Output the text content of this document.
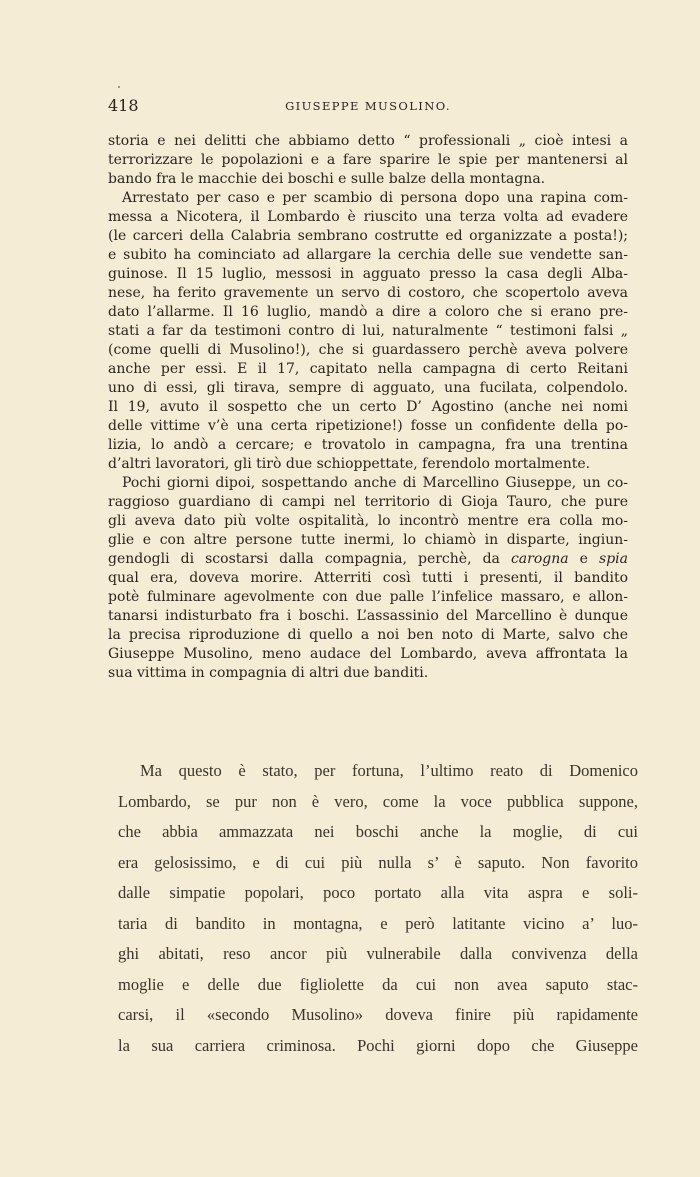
418	GIUSEPPE MUSOLINO.
storia e nei delitti che abbiamo detto “ professionali „ cioè intesi a
terrorizzare le popolazioni e a fare sparire le spie per mantenersi al
bando fra le macchie dei boschi e sulle balze della montagna.
Arrestato per caso e per scambio di persona dopo una rapina com-
messa a Nicotera, il Lombardo è riuscito una terza volta ad evadere
(le carceri della Calabria sembrano costrutte ed organizzate a posta!);
e subito ha cominciato ad allargare la cerchia delle sue vendette san-
guinose. Il 15 luglio, messosi in agguato presso la casa degli Alba-
nese, ha ferito gravemente un servo di costoro, che scopertolo aveva
dato l’allarme. Il 16 luglio, mandò a dire a coloro che si erano pre-
stati a far da testimoni contro di lui, naturalmente “ testimoni falsi „
(come quelli di Musolino!), che si guardassero perchè aveva polvere
anche per essi. E il 17, capitato nella campagna di certo Reitani
uno di essi, gli tirava, sempre di agguato, una fucilata, colpendolo.
Il 19, avuto il sospetto che un certo D’ Agostino (anche nei nomi
delle vittime v’è una certa ripetizione!) fosse un confidente della po-
lizia, lo andò a cercare; e trovatolo in campagna, fra una trentina
d’altri lavoratori, gli tirò due schioppettate, ferendolo mortalmente.
Pochi giorni dipoi, sospettando anche di Marcellino Giuseppe, un co-
raggioso guardiano di campi nel territorio di Gioja Tauro, che pure
gli aveva dato più volte ospitalità, lo incontrò mentre era colla mo-
glie e con altre persone tutte inermi, lo chiamò in disparte, ingiun-
gendogli di scostarsi dalla compagnia, perchè, da carogna e spia
qual era, doveva morire. Atterriti così tutti i presenti, il bandito
potè fulminare agevolmente con due palle l’infelice massaro, e allon-
tanarsi indisturbato fra i boschi. L’assassinio del Marcellino è dunque
la precisa riproduzione di quello a noi ben noto di Marte, salvo che
Giuseppe Musolino, meno audace del Lombardo, aveva affrontata la
sua vittima in compagnia di altri due banditi.
Ma questo è stato, per fortuna, l’ultimo reato di Domenico
Lombardo, se pur non è vero, come la voce pubblica suppone,
che abbia ammazzata nei boschi anche la moglie, di cui
era gelosissimo, e di cui più nulla s’ è saputo. Non favorito
dalle simpatie popolari, poco portato alla vita aspra e soli-
taria di bandito in montagna, e però latitante vicino a’ luo-
ghi abitati, reso ancor più vulnerabile dalla convivenza della
moglie e delle due figliolette da cui non avea saputo stac-
carsi, il «secondo Musolino» doveva finire più rapidamente
la sua carriera criminosa. Pochi giorni dopo che Giuseppe
